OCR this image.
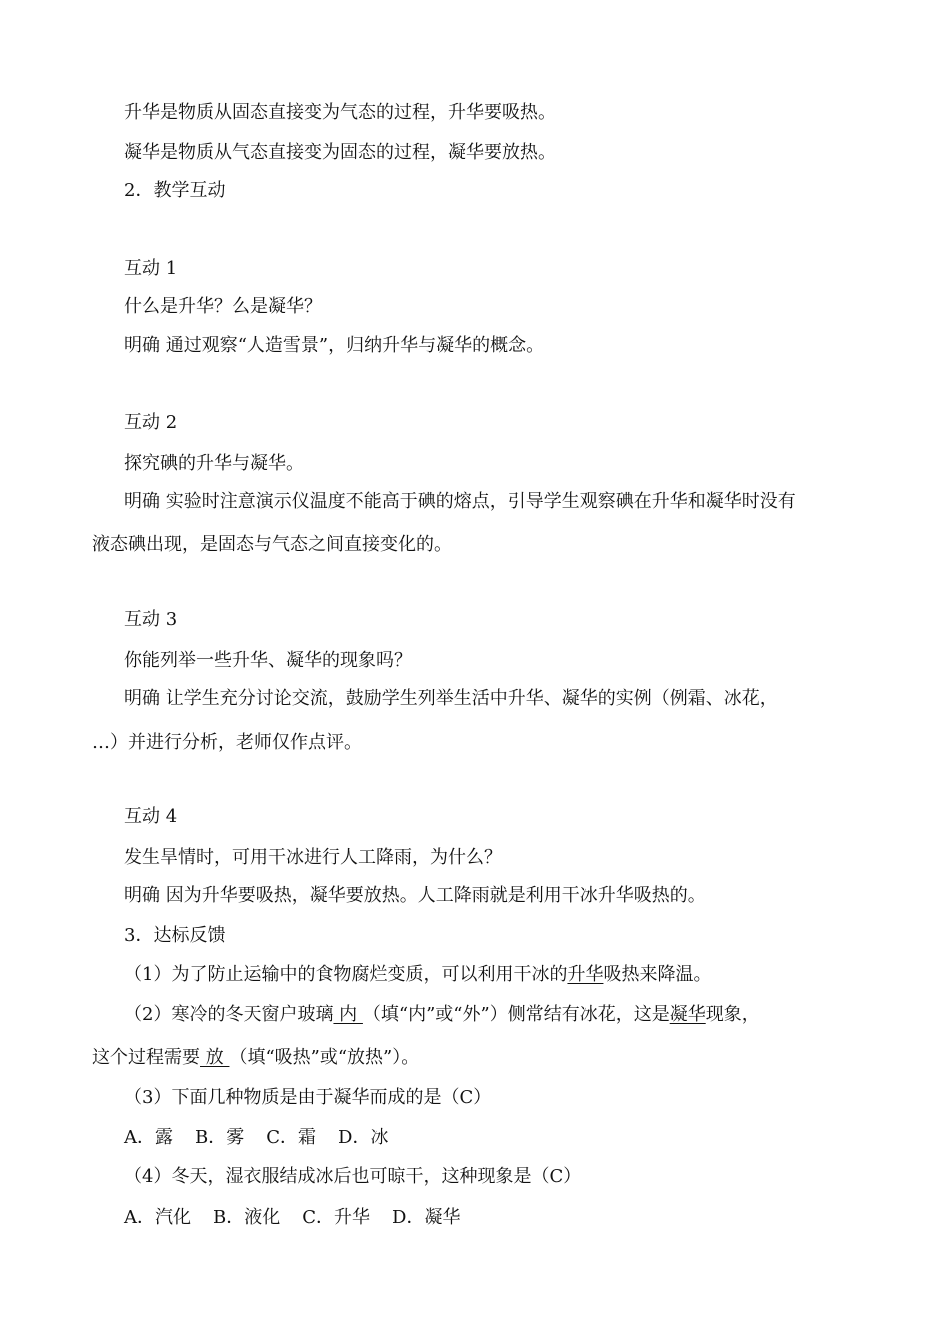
升华是物质从固态直接变为气态的过程，升华要吸热。
凝华是物质从气态直接变为固态的过程，凝华要放热。
2．教学互动
互动 1
什么是升华？么是凝华？
明确 通过观察“人造雪景”，归纳升华与凝华的概念。
互动 2
探究碘的升华与凝华。
明确 实验时注意演示仪温度不能高于碘的熔点，引导学生观察碘在升华和凝华时没有
液态碘出现，是固态与气态之间直接变化的。
互动 3
你能列举一些升华、凝华的现象吗？
明确 让学生充分讨论交流，鼓励学生列举生活中升华、凝华的实例（例霜、冰花，
…）并进行分析，老师仅作点评。
互动 4
发生旱情时，可用干冰进行人工降雨，为什么？
明确 因为升华要吸热，凝华要放热。人工降雨就是利用干冰升华吸热的。
3．达标反馈
（1）为了防止运输中的食物腐烂变质，可以利用干冰的升华吸热来降温。
（2）寒冷的冬天窗户玻璃 内 （填“内”或“外”）侧常结有冰花，这是凝华现象，
这个过程需要 放 （填“吸热”或“放热”）。
（3）下面几种物质是由于凝华而成的是（C）
A．露 B．雾 C．霜 D．冰
（4）冬天，湿衣服结成冰后也可晾干，这种现象是（C）
A．汽化 B．液化 C．升华 D．凝华
